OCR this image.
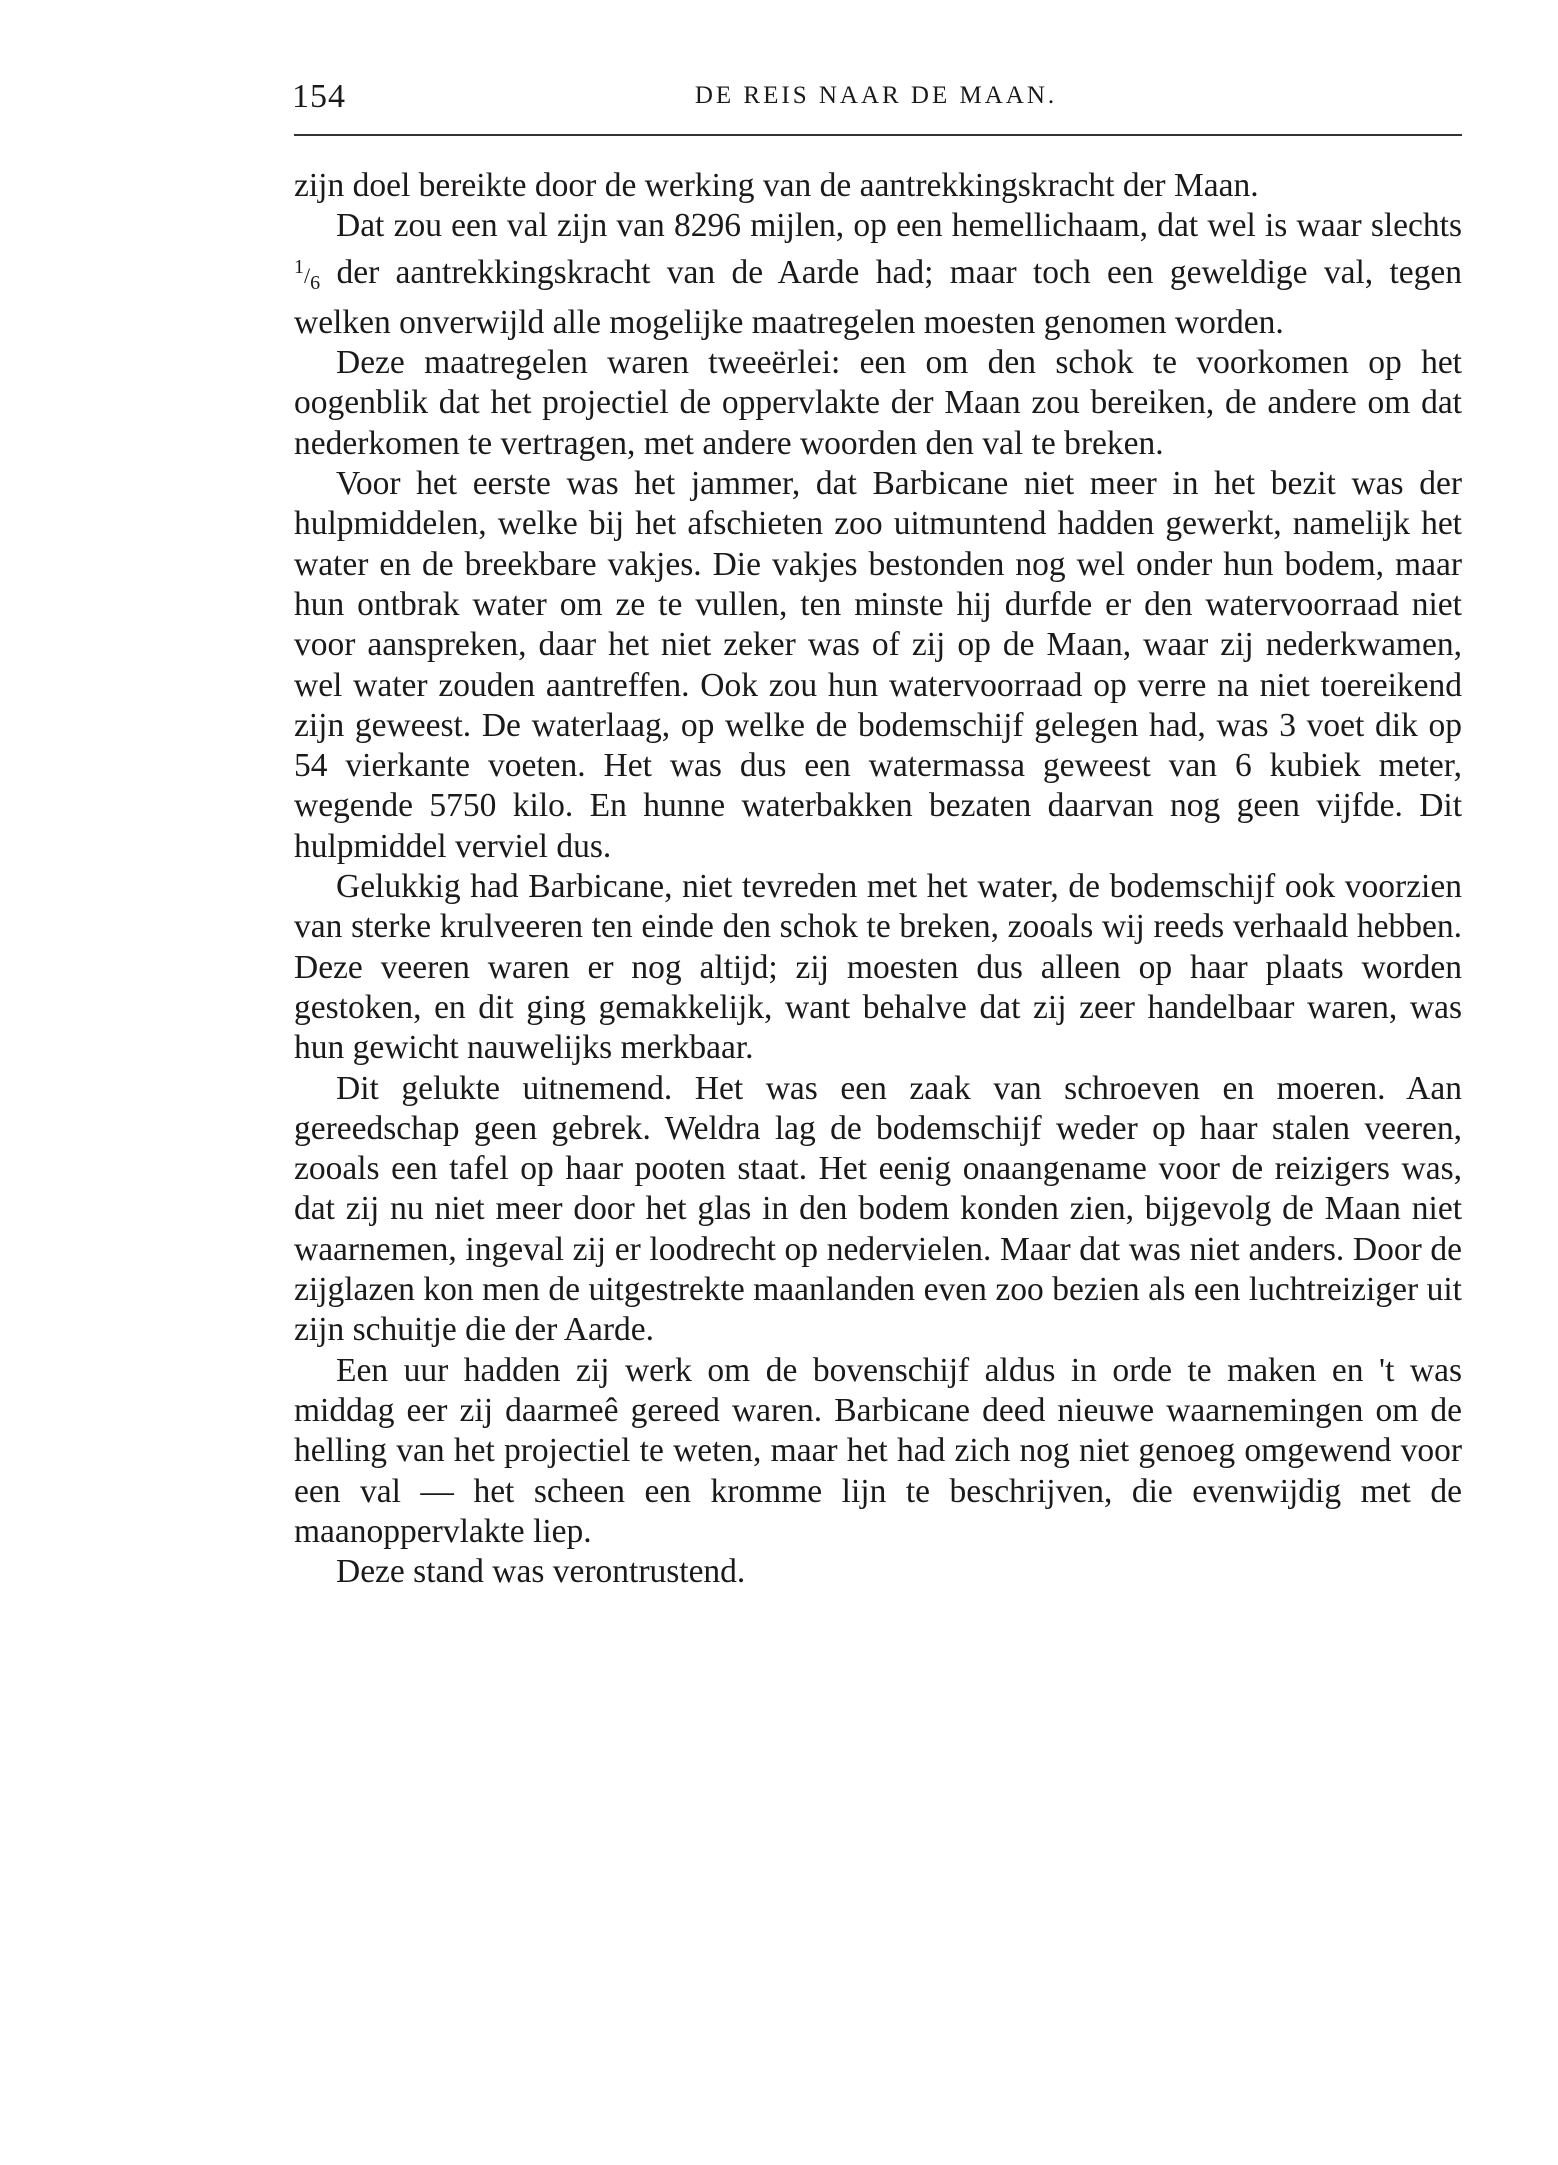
154	DE REIS NAAR DE MAAN.

zijn doel bereikte door de werking van de aantrekkingskracht der Maan.

Dat zou een val zijn van 8296 mijlen, op een hemellichaam, dat wel is waar slechts $^1/_6$ der aantrekkingskracht van de Aarde had; maar toch een geweldige val, tegen welken onverwijld alle mogelijke maatregelen moesten genomen worden.

Deze maatregelen waren tweeërlei: een om den schok te voorkomen op het oogenblik dat het projectiel de oppervlakte der Maan zou bereiken, de andere om dat nederkomen te vertragen, met andere woorden den val te breken.

Voor het eerste was het jammer, dat Barbicane niet meer in het bezit was der hulpmiddelen, welke bij het afschieten zoo uitmuntend hadden gewerkt, namelijk het water en de breekbare vakjes. Die vakjes bestonden nog wel onder hun bodem, maar hun ontbrak water om ze te vullen, ten minste hij durfde er den watervoorraad niet voor aanspreken, daar het niet zeker was of zij op de Maan, waar zij nederkwamen, wel water zouden aantreffen. Ook zou hun watervoorraad op verre na niet toereikend zijn geweest. De waterlaag, op welke de bodemschijf gelegen had, was 3 voet dik op 54 vierkante voeten. Het was dus een watermassa geweest van 6 kubiek meter, wegende 5750 kilo. En hunne waterbakken bezaten daarvan nog geen vijfde. Dit hulpmiddel verviel dus.

Gelukkig had Barbicane, niet tevreden met het water, de bodemschijf ook voorzien van sterke krulveeren ten einde den schok te breken, zooals wij reeds verhaald hebben. Deze veeren waren er nog altijd; zij moesten dus alleen op haar plaats worden gestoken, en dit ging gemakkelijk, want behalve dat zij zeer handelbaar waren, was hun gewicht nauwelijks merkbaar.

Dit gelukte uitnemend. Het was een zaak van schroeven en moeren. Aan gereedschap geen gebrek. Weldra lag de bodemschijf weder op haar stalen veeren, zooals een tafel op haar pooten staat. Het eenig onaangename voor de reizigers was, dat zij nu niet meer door het glas in den bodem konden zien, bijgevolg de Maan niet waarnemen, ingeval zij er loodrecht op nedervielen. Maar dat was niet anders. Door de zijglazen kon men de uitgestrekte maanlanden even zoo bezien als een luchtreiziger uit zijn schuitje die der Aarde.

Een uur hadden zij werk om de bovenschijf aldus in orde te maken en 't was middag eer zij daarmeê gereed waren. Barbicane deed nieuwe waarnemingen om de helling van het projectiel te weten, maar het had zich nog niet genoeg omgewend voor een val — het scheen een kromme lijn te beschrijven, die evenwijdig met de maanoppervlakte liep.

Deze stand was verontrustend.
